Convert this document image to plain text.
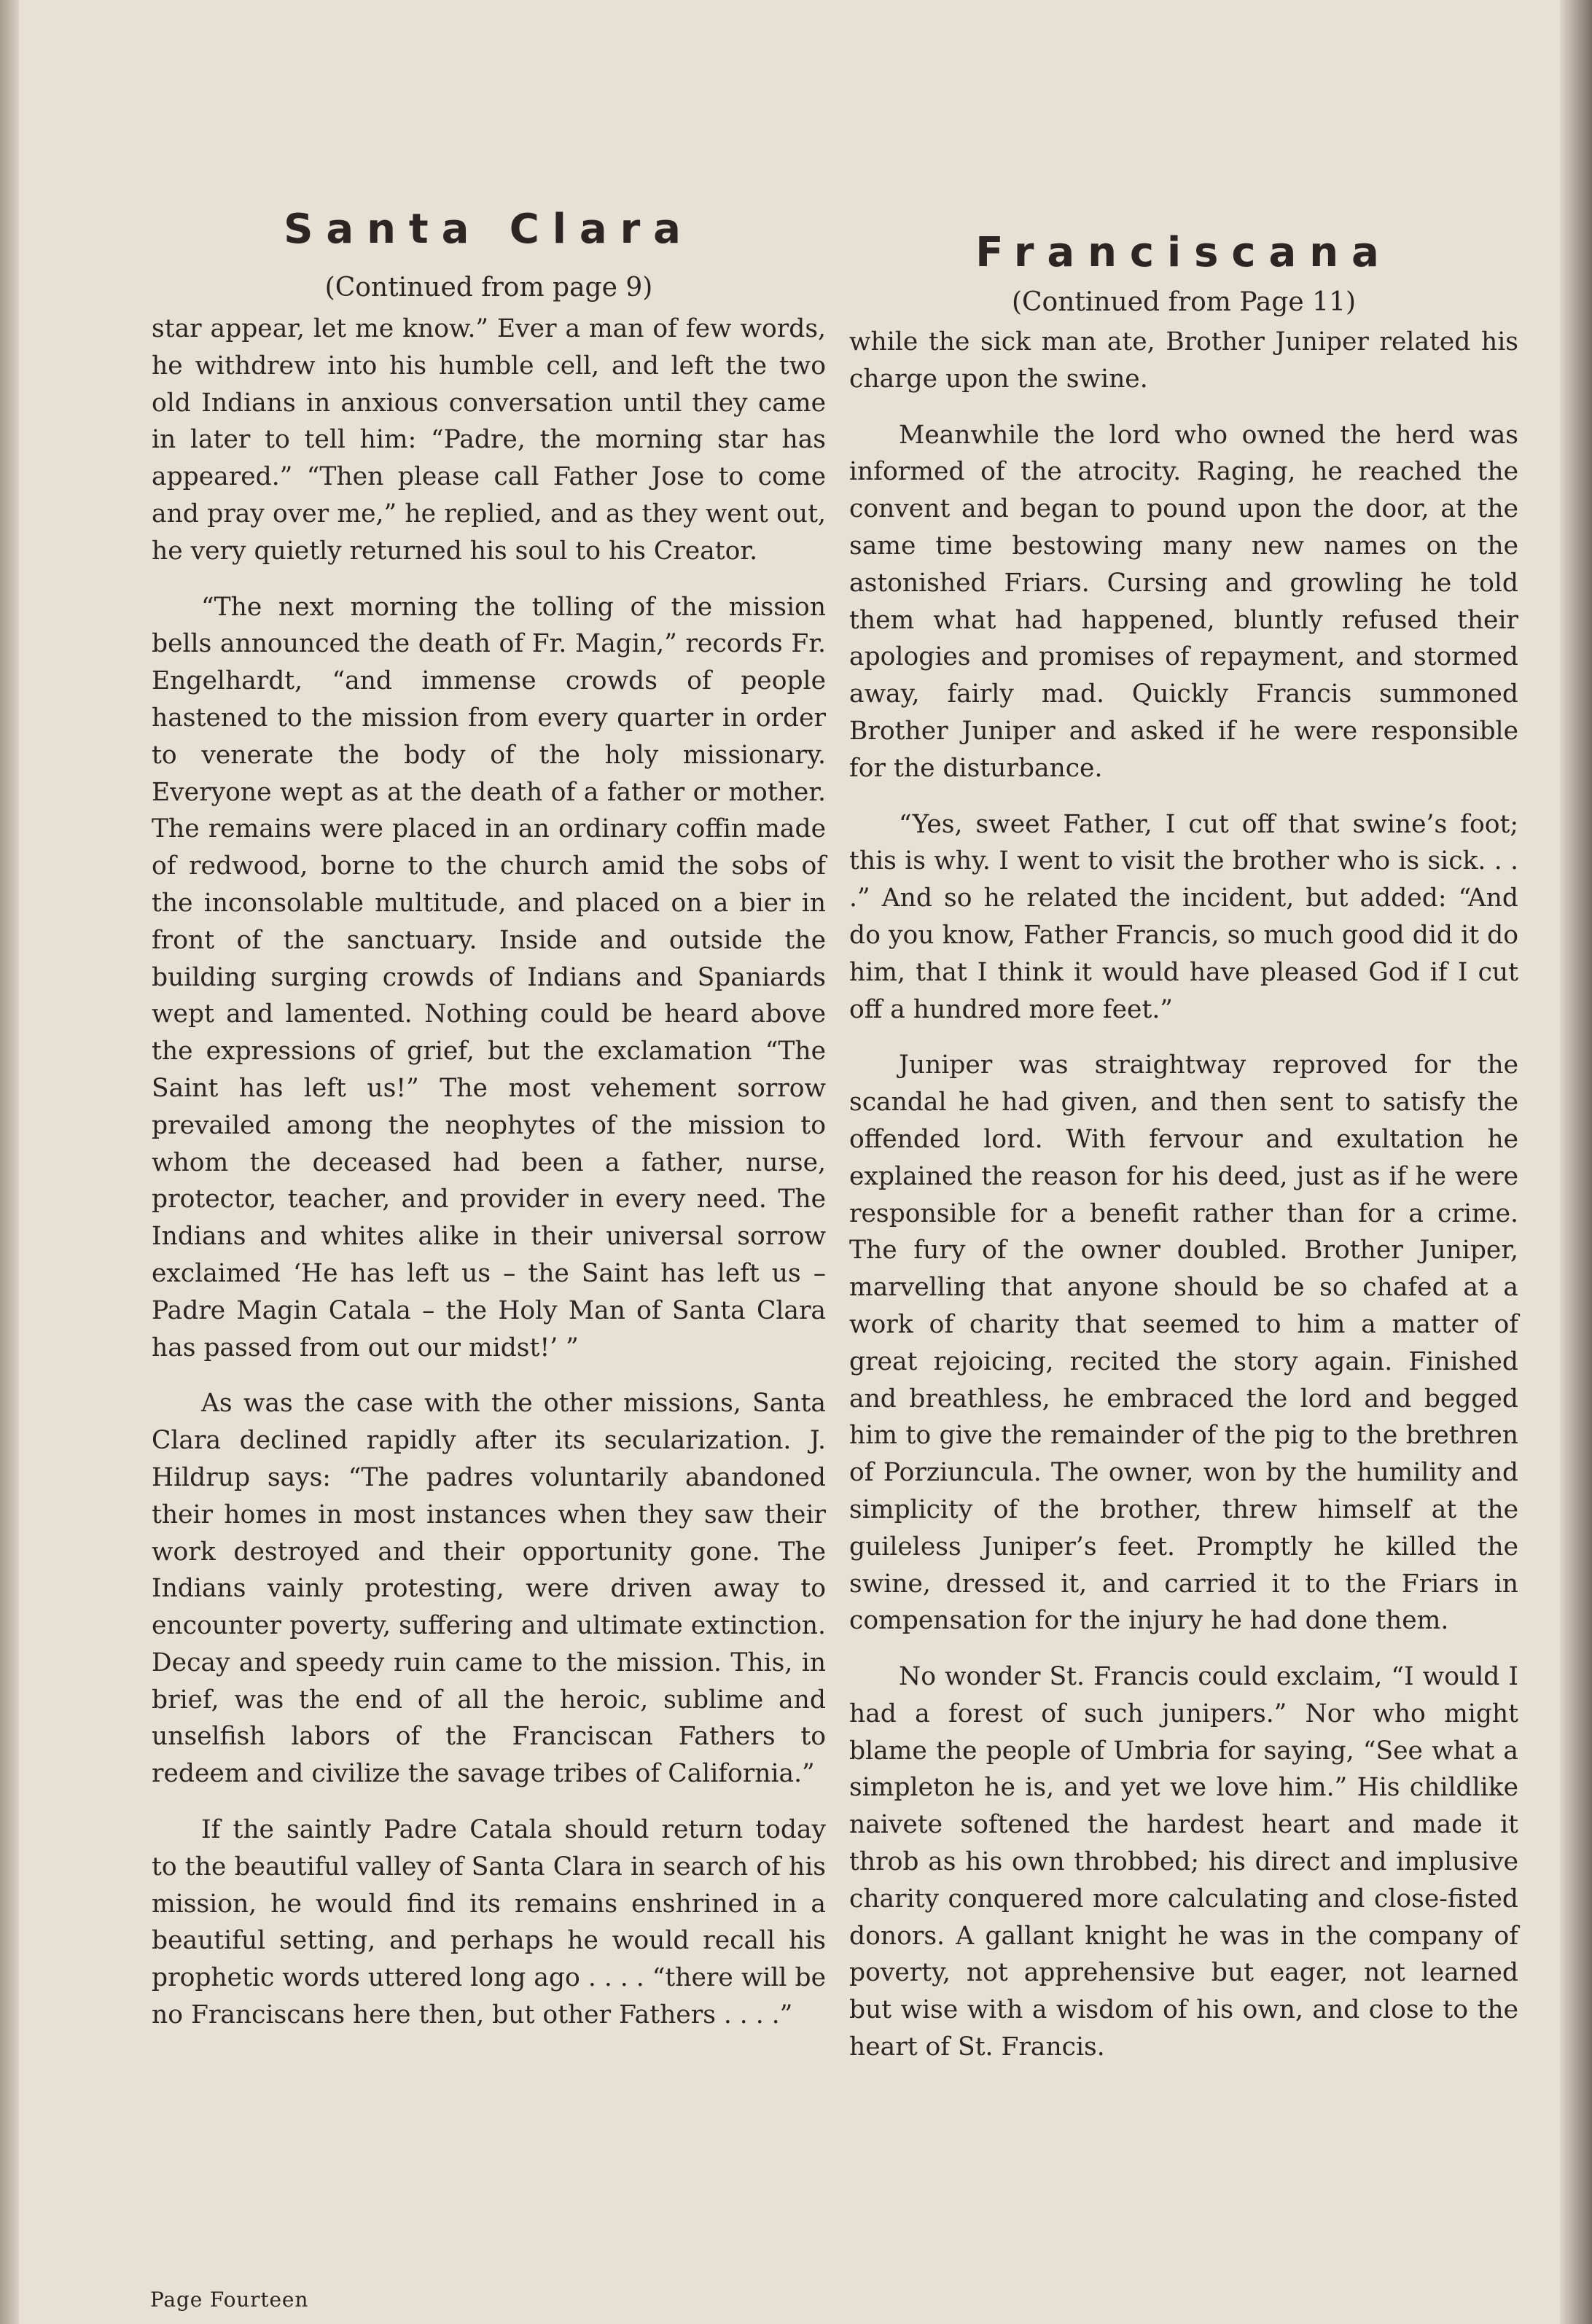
Santa Clara

(Continued from page 9)

star appear, let me know.” Ever a man of few words, he withdrew into his humble cell, and left the two old Indians in anxious conversation until they came in later to tell him: “Padre, the morning star has appeared.” “Then please call Father Jose to come and pray over me,” he replied, and as they went out, he very quietly returned his soul to his Creator.

“The next morning the tolling of the mission bells announced the death of Fr. Magin,” records Fr. Engelhardt, “and immense crowds of people hastened to the mission from every quarter in order to venerate the body of the holy missionary. Everyone wept as at the death of a father or mother. The remains were placed in an ordinary coffin made of redwood, borne to the church amid the sobs of the inconsolable multitude, and placed on a bier in front of the sanctuary. Inside and outside the building surging crowds of Indians and Spaniards wept and lamented. Nothing could be heard above the expressions of grief, but the exclamation “The Saint has left us!” The most vehement sorrow prevailed among the neophytes of the mission to whom the deceased had been a father, nurse, protector, teacher, and provider in every need. The Indians and whites alike in their universal sorrow exclaimed ‘He has left us – the Saint has left us – Padre Magin Catala – the Holy Man of Santa Clara has passed from out our midst!’ ”

As was the case with the other missions, Santa Clara declined rapidly after its secularization. J. Hildrup says: “The padres voluntarily abandoned their homes in most instances when they saw their work destroyed and their opportunity gone. The Indians vainly protesting, were driven away to encounter poverty, suffering and ultimate extinction. Decay and speedy ruin came to the mission. This, in brief, was the end of all the heroic, sublime and unselfish labors of the Franciscan Fathers to redeem and civilize the savage tribes of California.”

If the saintly Padre Catala should return today to the beautiful valley of Santa Clara in search of his mission, he would find its remains enshrined in a beautiful setting, and perhaps he would recall his prophetic words uttered long ago . . . . “there will be no Franciscans here then, but other Fathers . . . .”

Franciscana

(Continued from Page 11)

while the sick man ate, Brother Juniper related his charge upon the swine.

Meanwhile the lord who owned the herd was informed of the atrocity. Raging, he reached the convent and began to pound upon the door, at the same time bestowing many new names on the astonished Friars. Cursing and growling he told them what had happened, bluntly refused their apologies and promises of repayment, and stormed away, fairly mad. Quickly Francis summoned Brother Juniper and asked if he were responsible for the disturbance.

“Yes, sweet Father, I cut off that swine’s foot; this is why. I went to visit the brother who is sick. . . .” And so he related the incident, but added: “And do you know, Father Francis, so much good did it do him, that I think it would have pleased God if I cut off a hundred more feet.”

Juniper was straightway reproved for the scandal he had given, and then sent to satisfy the offended lord. With fervour and exultation he explained the reason for his deed, just as if he were responsible for a benefit rather than for a crime. The fury of the owner doubled. Brother Juniper, marvelling that anyone should be so chafed at a work of charity that seemed to him a matter of great rejoicing, recited the story again. Finished and breathless, he embraced the lord and begged him to give the remainder of the pig to the brethren of Porziuncula. The owner, won by the humility and simplicity of the brother, threw himself at the guileless Juniper’s feet. Promptly he killed the swine, dressed it, and carried it to the Friars in compensation for the injury he had done them.

No wonder St. Francis could exclaim, “I would I had a forest of such junipers.” Nor who might blame the people of Umbria for saying, “See what a simpleton he is, and yet we love him.” His childlike naivete softened the hardest heart and made it throb as his own throbbed; his direct and implusive charity conquered more calculating and close-fisted donors. A gallant knight he was in the company of poverty, not apprehensive but eager, not learned but wise with a wisdom of his own, and close to the heart of St. Francis.

Page Fourteen
